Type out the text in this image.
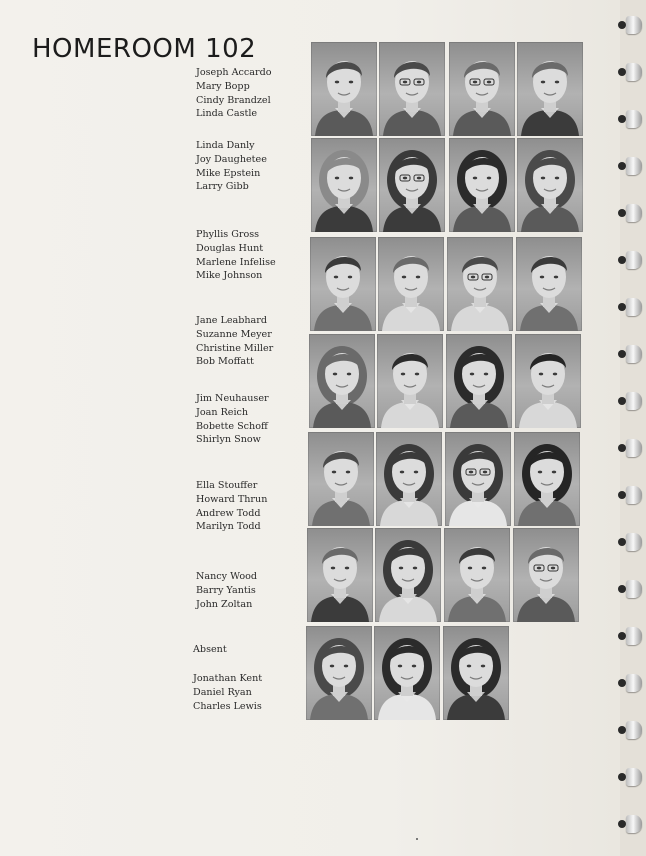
HOMEROOM 102
Joseph Accardo
Mary Bopp
Cindy Brandzel
Linda Castle
Linda Danly
Joy Daughetee
Mike Epstein
Larry Gibb
Phyllis Gross
Douglas Hunt
Marlene Infelise
Mike Johnson
Jane Leabhard
Suzanne Meyer
Christine Miller
Bob Moffatt
Jim Neuhauser
Joan Reich
Bobette Schoff
Shirlyn Snow
Ella Stouffer
Howard Thrun
Andrew Todd
Marilyn Todd
Nancy Wood
Barry Yantis
John Zoltan
Absent
Jonathan Kent
Daniel Ryan
Charles Lewis
